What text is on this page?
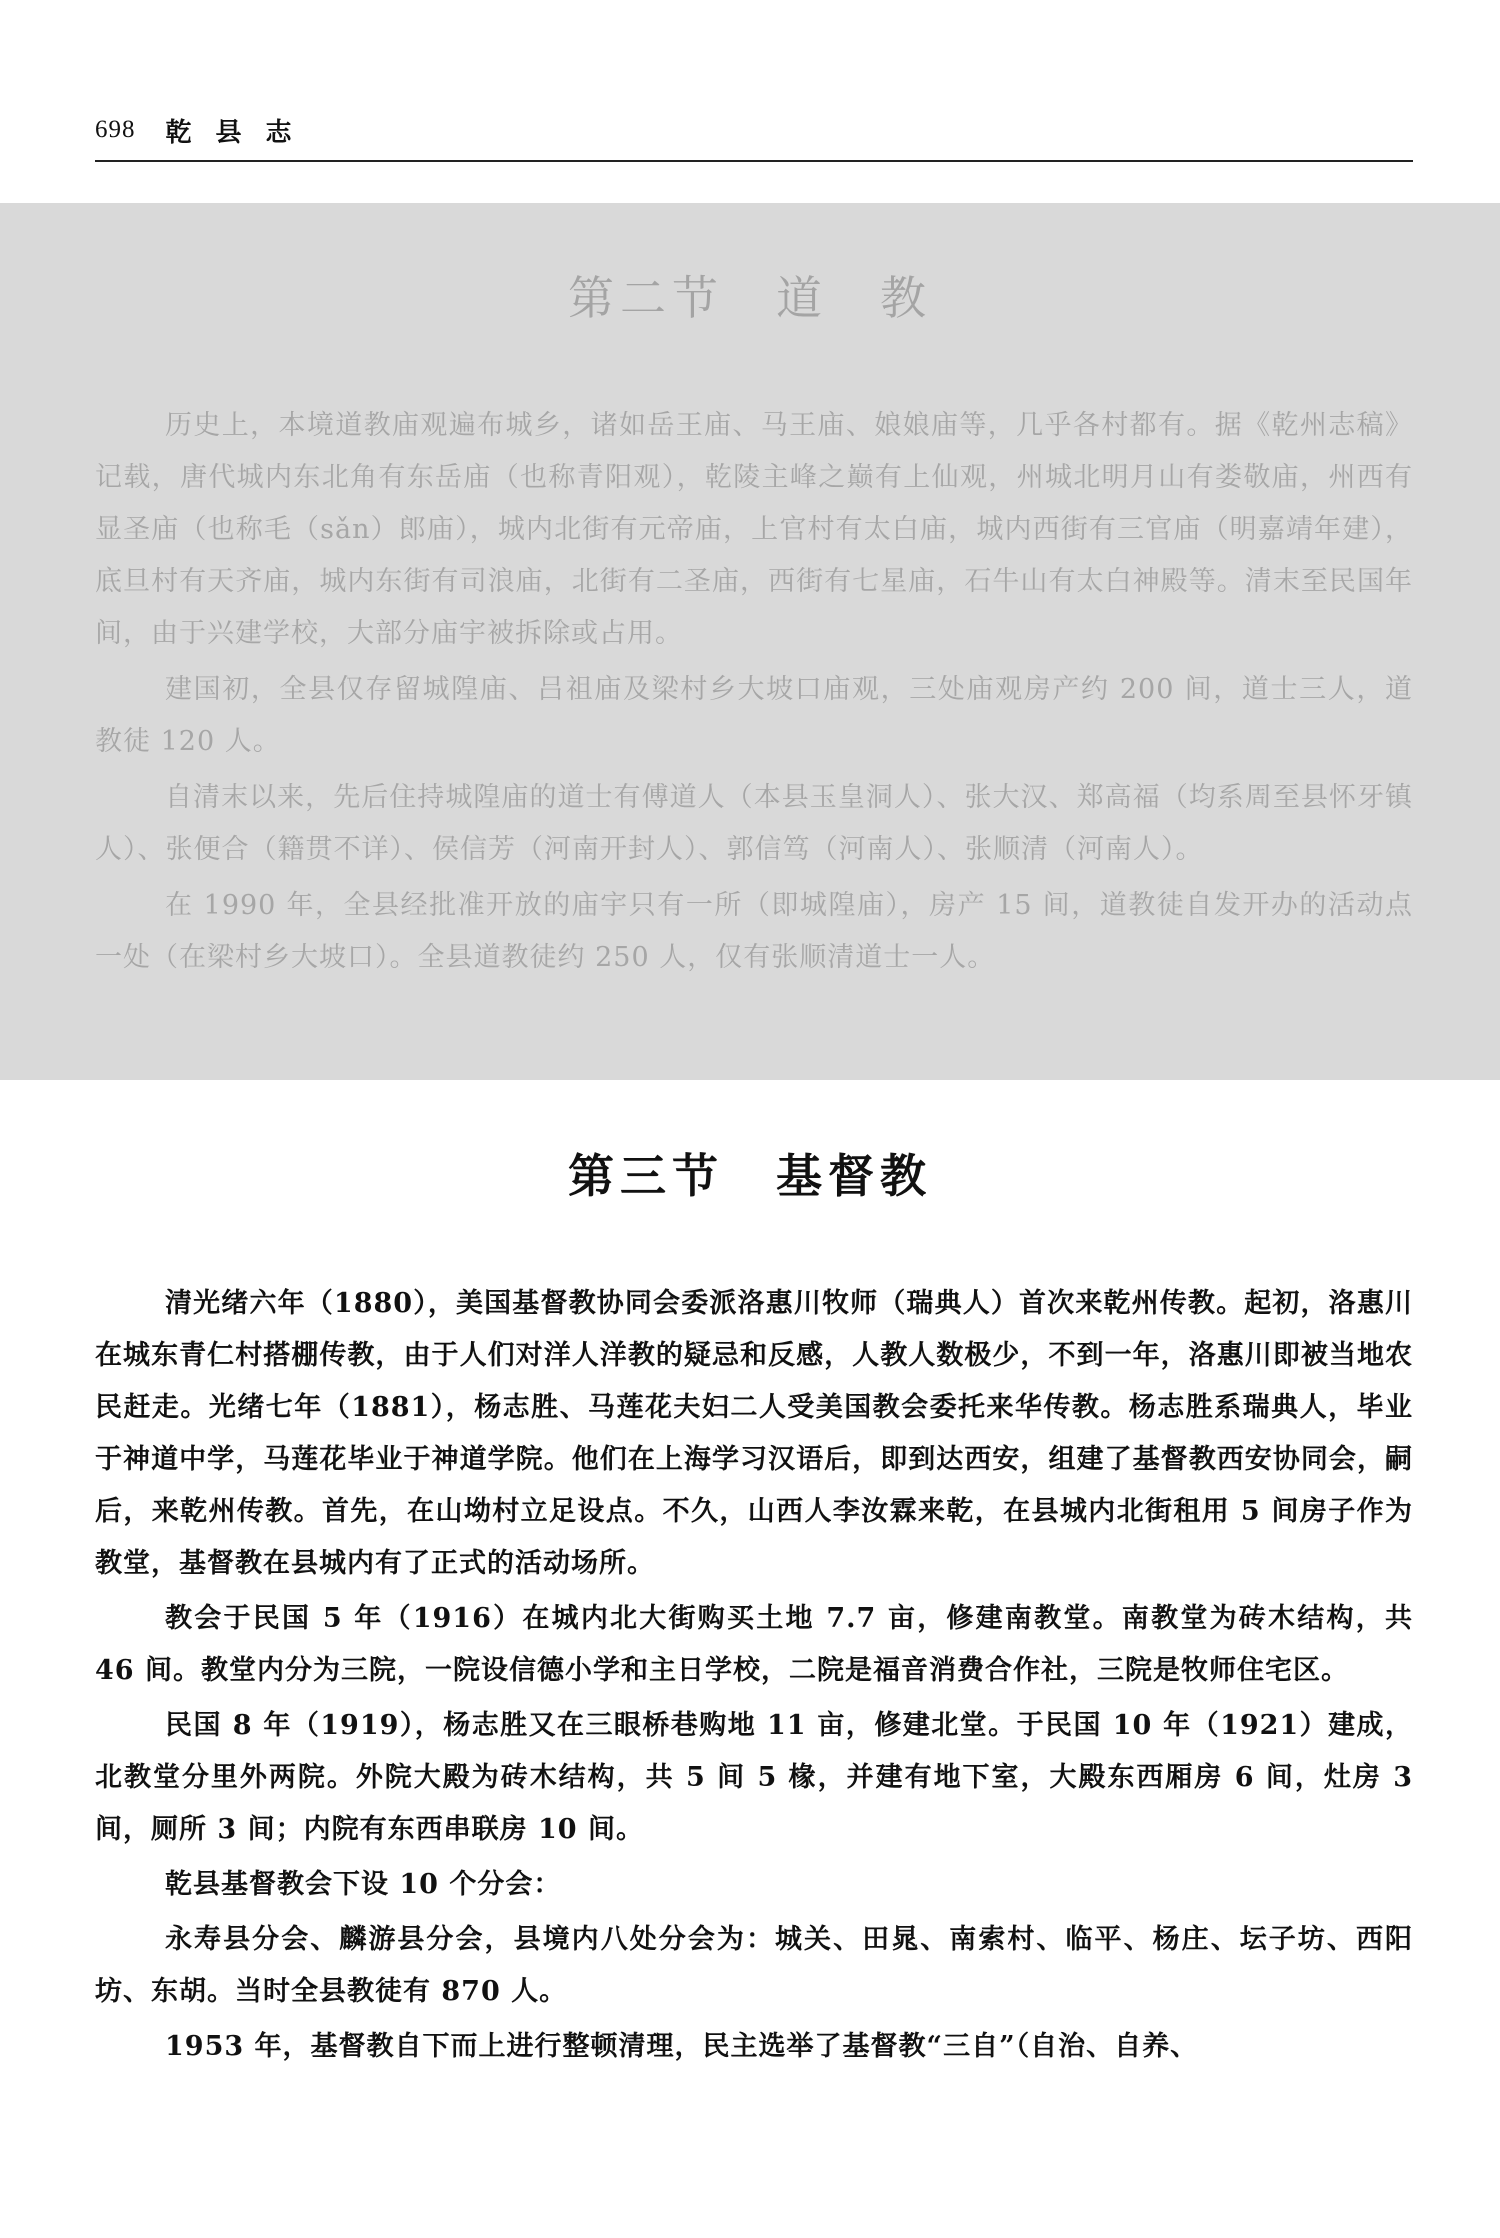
698 乾县志
第二节　道　教

历史上，本境道教庙观遍布城乡，诸如岳王庙、马王庙、娘娘庙等，几乎各村都有。据《乾州志稿》记载，唐代城内东北角有东岳庙（也称青阳观），乾陵主峰之巅有上仙观，州城北明月山有娄敬庙，州西有显圣庙（也称毛（sǎn）郎庙），城内北街有元帝庙，上官村有太白庙，城内西街有三官庙（明嘉靖年建），底旦村有天齐庙，城内东街有司浪庙，北街有二圣庙，西街有七星庙，石牛山有太白神殿等。清末至民国年间，由于兴建学校，大部分庙宇被拆除或占用。

建国初，全县仅存留城隍庙、吕祖庙及梁村乡大坡口庙观，三处庙观房产约 200 间，道士三人，道教徒 120 人。

自清末以来，先后住持城隍庙的道士有傅道人（本县玉皇洞人）、张大汉、郑高福（均系周至县怀牙镇人）、张便合（籍贯不详）、侯信芳（河南开封人）、郭信笃（河南人）、张顺清（河南人）。

在 1990 年，全县经批准开放的庙宇只有一所（即城隍庙），房产 15 间，道教徒自发开办的活动点一处（在梁村乡大坡口）。全县道教徒约 250 人，仅有张顺清道士一人。

第三节　基督教

清光绪六年（1880），美国基督教协同会委派洛惠川牧师（瑞典人）首次来乾州传教。起初，洛惠川在城东青仁村搭棚传教，由于人们对洋人洋教的疑忌和反感，人教人数极少，不到一年，洛惠川即被当地农民赶走。光绪七年（1881），杨志胜、马莲花夫妇二人受美国教会委托来华传教。杨志胜系瑞典人，毕业于神道中学，马莲花毕业于神道学院。他们在上海学习汉语后，即到达西安，组建了基督教西安协同会，嗣后，来乾州传教。首先，在山坳村立足设点。不久，山西人李汝霖来乾，在县城内北街租用 5 间房子作为教堂，基督教在县城内有了正式的活动场所。

教会于民国 5 年（1916）在城内北大街购买土地 7.7 亩，修建南教堂。南教堂为砖木结构，共 46 间。教堂内分为三院，一院设信德小学和主日学校，二院是福音消费合作社，三院是牧师住宅区。

民国 8 年（1919），杨志胜又在三眼桥巷购地 11 亩，修建北堂。于民国 10 年（1921）建成，北教堂分里外两院。外院大殿为砖木结构，共 5 间 5 椽，并建有地下室，大殿东西厢房 6 间，灶房 3 间，厕所 3 间；内院有东西串联房 10 间。

乾县基督教会下设 10 个分会：

永寿县分会、麟游县分会，县境内八处分会为：城关、田晁、南索村、临平、杨庄、坛子坊、西阳坊、东胡。当时全县教徒有 870 人。

1953 年，基督教自下而上进行整顿清理，民主选举了基督教“三自”（自治、自养、
